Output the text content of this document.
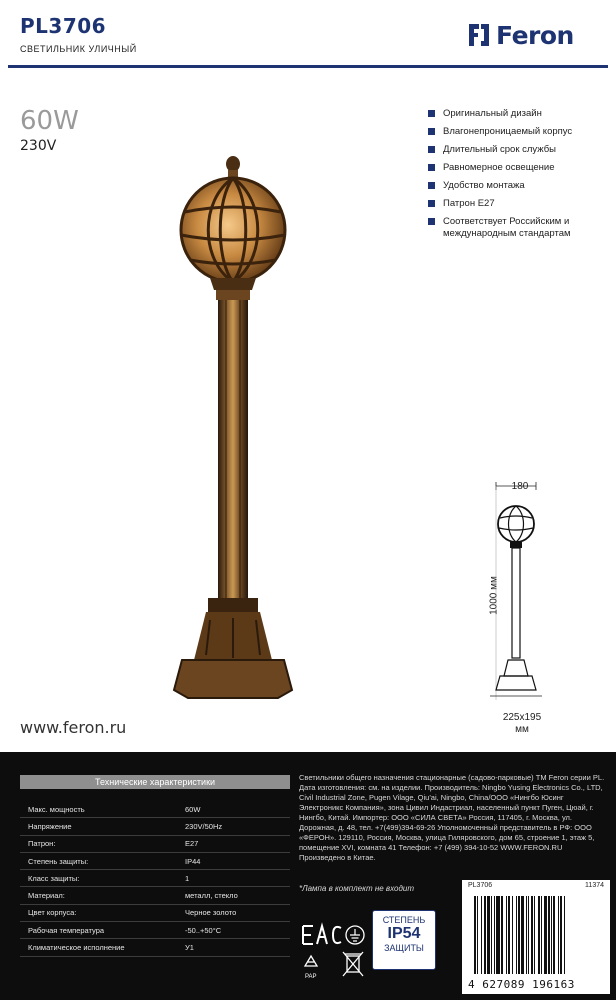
PL3706
СВЕТИЛЬНИК УЛИЧНЫЙ	Feron
60W
230V
Оригинальный дизайн
Влагонепроницаемый корпус
Длительный срок службы
Равномерное освещение
Удобство монтажа
Патрон Е27
Соответствует Российским и международным стандартам
180
1000 мм
225x195
мм
www.feron.ru
Технические характеристики
Макс. мощность	60W
Напряжение	230V/50Hz
Патрон:	E27
Степень защиты:	IP44
Класс защиты:	1
Материал:	металл, стекло
Цвет корпуса:	Черное золото
Рабочая температура	-50..+50°С
Климатическое исполнение	У1
Светильники общего назначения стационарные (садово-парковые) ТМ Feron серии PL. Дата изготовления: см. на изделии. Производитель: Ningbo Yusing Electronics Co., LTD, Civil Industrial Zone, Pugen Vilage, Qiu'ai, Ningbo, China/ООО «Нингбо Юсинг Электроникс Компания», зона Цивил Индастриал, населенный пункт Пуген, Цюай, г. Нингбо, Китай. Импортер: ООО «СИЛА СВЕТА» Россия, 117405, г. Москва, ул. Дорожная, д. 48, тел. +7(499)394-69-26 Уполномоченный представитель в РФ: ООО «ФЕРОН». 129110, Россия, Москва, улица Гиляровского, дом 65, строение 1, этаж 5, помещение XVI, комната 41 Телефон: +7 (499) 394-10-52 WWW.FERON.RU Произведено в Китае.
*Лампа в комплект не входит
PAP
СТЕПЕНЬ
IP54
ЗАЩИТЫ
PL3706	11374
4 627089 196163
